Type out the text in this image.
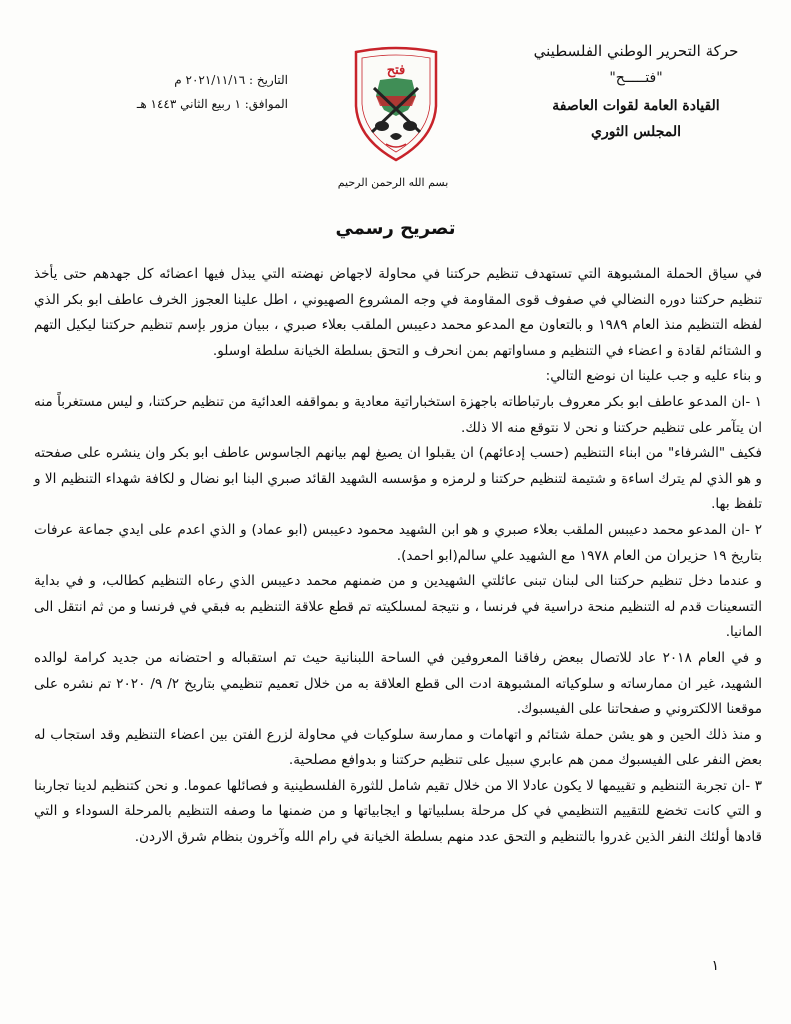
حركة التحرير الوطني الفلسطيني
"فتـــــح"
القيادة العامة لقوات العاصفة
المجلس الثوري
فتح
بسم الله الرحمن الرحيم
التاريخ : ٢٠٢١/١١/١٦ م
الموافق: ١ ربيع الثاني ١٤٤٣ هـ
تصريح رسمي

في سياق الحملة المشبوهة التي تستهدف تنظيم حركتنا في محاولة لاجهاض نهضته التي يبذل فيها اعضائه كل جهدهم حتى يأخذ تنظيم حركتنا دوره النضالي في صفوف قوى المقاومة في وجه المشروع الصهيوني ، اطل علينا العجوز الخرف عاطف ابو بكر الذي لفظه التنظيم منذ العام ١٩٨٩ و بالتعاون مع المدعو محمد دعيبس الملقب بعلاء صبري ، ببيان مزور بإسم تنظيم حركتنا ليكيل التهم و الشتائم لقادة و اعضاء في التنظيم و مساواتهم بمن انحرف و التحق بسلطة الخيانة سلطة اوسلو.

و بناء عليه و جب علينا ان نوضع التالي:

١ -ان المدعو عاطف ابو بكر معروف بارتباطاته باجهزة استخباراتية معادية و بمواقفه العدائية من تنظيم حركتنا، و ليس مستغرباً منه ان يتآمر على تنظيم حركتنا و نحن لا نتوقع منه الا ذلك.

فكيف "الشرفاء" من ابناء التنظيم (حسب إدعائهم) ان يقبلوا ان يصيغ لهم بيانهم الجاسوس عاطف ابو بكر وان ينشره على صفحته و هو الذي لم يترك اساءة و شتيمة لتنظيم حركتنا و لرمزه و مؤسسه الشهيد القائد صبري البنا ابو نضال و لكافة شهداء التنظيم الا و تلفظ بها.

٢ -ان المدعو محمد دعيبس الملقب بعلاء صبري و هو ابن الشهيد محمود دعيبس (ابو عماد) و الذي اعدم على ايدي جماعة عرفات بتاريخ ١٩ حزيران من العام ١٩٧٨ مع الشهيد علي سالم(ابو احمد).

و عندما دخل تنظيم حركتنا الى لبنان تبنى عائلتي الشهيدين و من ضمنهم محمد دعيبس الذي رعاه التنظيم كطالب، و في بداية التسعينات قدم له التنظيم منحة دراسية في فرنسا ، و نتيجة لمسلكيته تم قطع علاقة التنظيم به فبقي في فرنسا و من ثم انتقل الى المانيا.

و في العام ٢٠١٨ عاد للاتصال ببعض رفاقنا المعروفين في الساحة اللبنانية حيث تم استقباله و احتضانه من جديد كرامة لوالده الشهيد، غير ان ممارساته و سلوكياته المشبوهة ادت الى قطع العلاقة به من خلال تعميم تنظيمي بتاريخ ٢/ ٩/ ٢٠٢٠ تم نشره على موقعنا الالكتروني و صفحاتنا على الفيسبوك.

و منذ ذلك الحين و هو يشن حملة شتائم و اتهامات و ممارسة سلوكيات في محاولة لزرع الفتن بين اعضاء التنظيم وقد استجاب له بعض النفر على الفيسبوك ممن هم عابري سبيل على تنظيم حركتنا و بدوافع مصلحية.

٣ -ان تجربة التنظيم و تقييمها لا يكون عادلا الا من خلال تقيم شامل للثورة الفلسطينية و فصائلها عموما. و نحن كتنظيم لدينا تجاربنا و التي كانت تخضع للتقييم التنظيمي في كل مرحلة بسلبياتها و ايجابياتها و من ضمنها ما وصفه التنظيم بالمرحلة السوداء و التي قادها أولئك النفر الذين غدروا بالتنظيم و التحق عدد منهم بسلطة الخيانة في رام الله وآخرون بنظام شرق الاردن.

١
